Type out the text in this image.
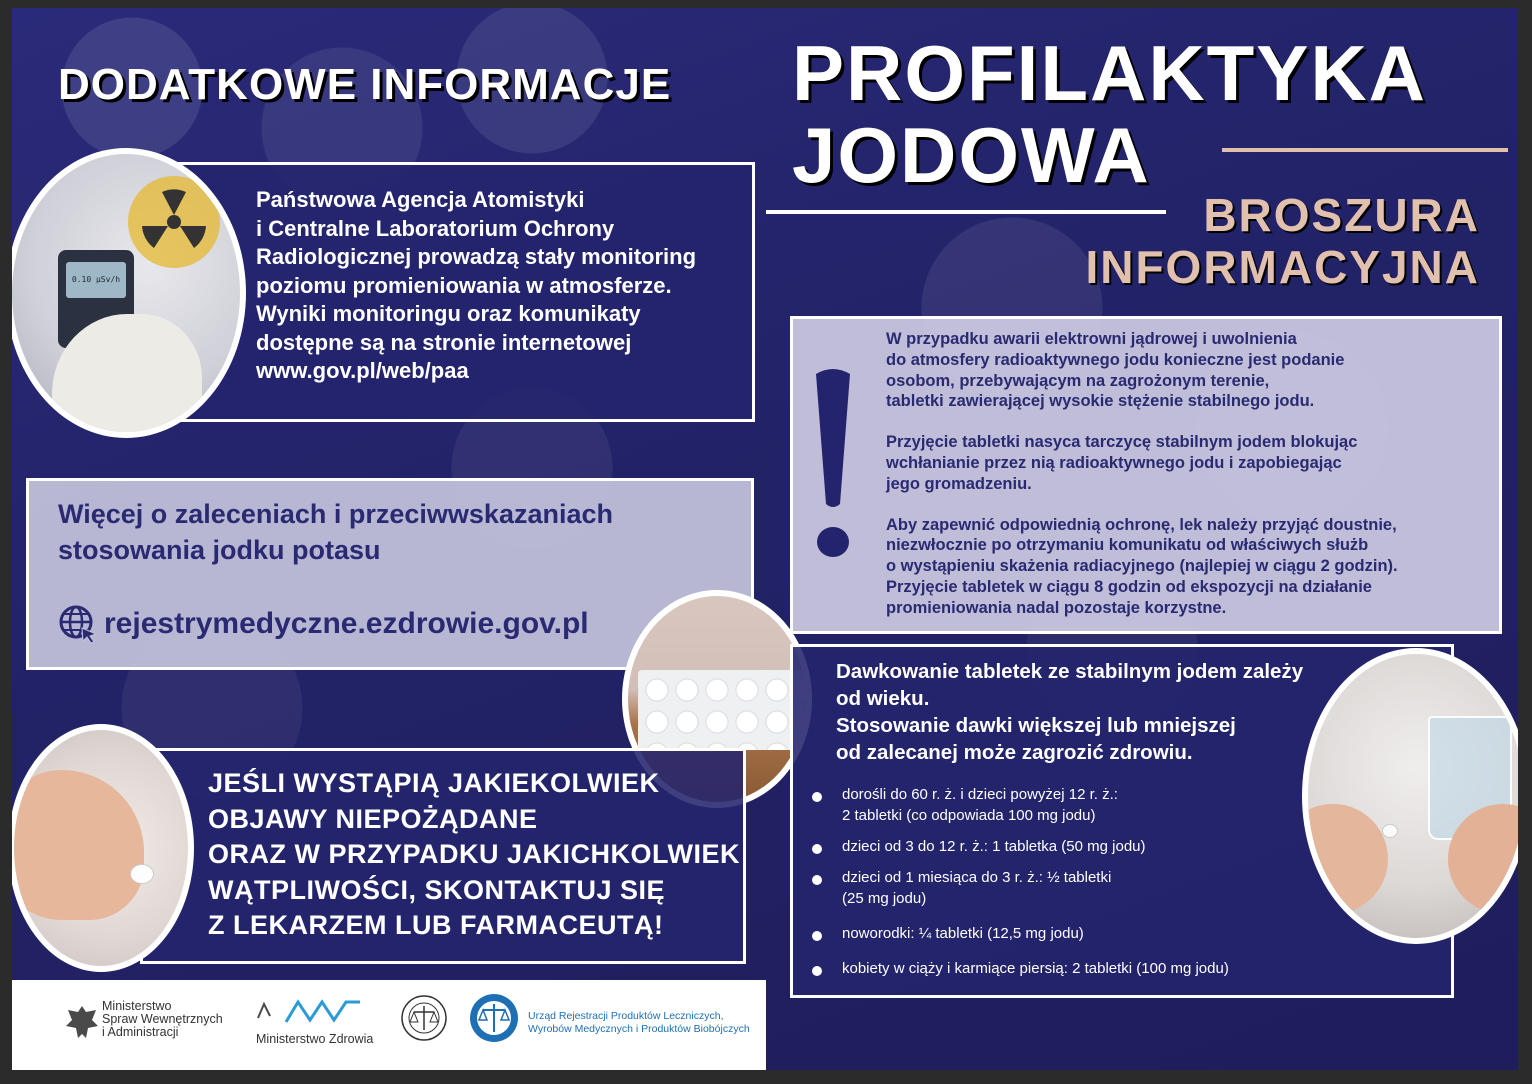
DODATKOWE INFORMACJE
0.10 μSv/h
Państwowa Agencja Atomistyki
i Centralne Laboratorium Ochrony
Radiologicznej prowadzą stały monitoring
poziomu promieniowania w atmosferze.
Wyniki monitoringu oraz komunikaty
dostępne są na stronie internetowej
www.gov.pl/web/paa
Więcej o zaleceniach i przeciwwskazaniach
stosowania jodku potasu
rejestrymedyczne.ezdrowie.gov.pl
JEŚLI WYSTĄPIĄ JAKIEKOLWIEK
OBJAWY NIEPOŻĄDANE
ORAZ W PRZYPADKU JAKICHKOLWIEK
WĄTPLIWOŚCI, SKONTAKTUJ SIĘ
Z LEKARZEM LUB FARMACEUTĄ!
Ministerstwo
Spraw Wewnętrznych
i Administracji	Ministerstwo Zdrowia
Urząd Rejestracji Produktów Leczniczych,
Wyrobów Medycznych i Produktów Biobójczych
PROFILAKTYKA
JODOWA
BROSZURA
INFORMACYJNA
W przypadku awarii elektrowni jądrowej i uwolnienia
do atmosfery radioaktywnego jodu konieczne jest podanie
osobom, przebywającym na zagrożonym terenie,
tabletki zawierającej wysokie stężenie stabilnego jodu.
Przyjęcie tabletki nasyca tarczycę stabilnym jodem blokując
wchłanianie przez nią radioaktywnego jodu i zapobiegając
jego gromadzeniu.
Aby zapewnić odpowiednią ochronę, lek należy przyjąć doustnie,
niezwłocznie po otrzymaniu komunikatu od właściwych służb
o wystąpieniu skażenia radiacyjnego (najlepiej w ciągu 2 godzin).
Przyjęcie tabletek w ciągu 8 godzin od ekspozycji na działanie
promieniowania nadal pozostaje korzystne.
Dawkowanie tabletek ze stabilnym jodem zależy
od wieku.
Stosowanie dawki większej lub mniejszej
od zalecanej może zagrozić zdrowiu.
dorośli do 60 r. ż. i dzieci powyżej 12 r. ż.:
2 tabletki (co odpowiada 100 mg jodu)
dzieci od 3 do 12 r. ż.: 1 tabletka (50 mg jodu)
dzieci od 1 miesiąca do 3 r. ż.: ½ tabletki
(25 mg jodu)
noworodki: ¼ tabletki (12,5 mg jodu)
kobiety w ciąży i karmiące piersią: 2 tabletki (100 mg jodu)
